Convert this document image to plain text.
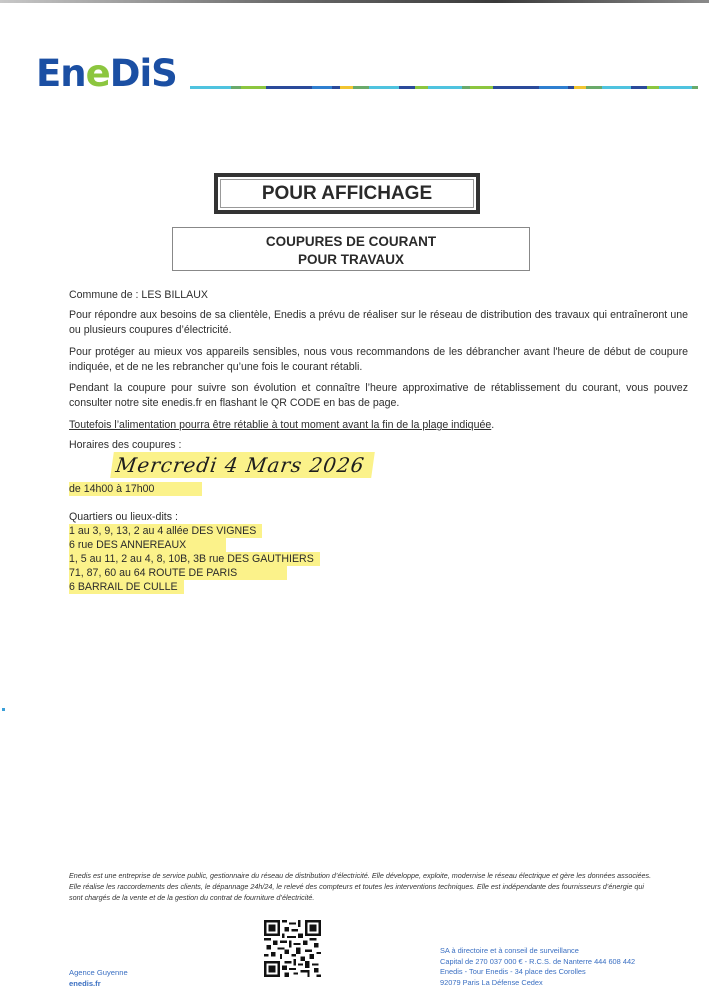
EneDiS
POUR AFFICHAGE
COUPURES DE COURANT
POUR TRAVAUX
Commune de : LES BILLAUX
Pour répondre aux besoins de sa clientèle, Enedis a prévu de réaliser sur le réseau de distribution des travaux qui entraîneront une ou plusieurs coupures d’électricité.
Pour protéger au mieux vos appareils sensibles, nous vous recommandons de les débrancher avant l'heure de début de coupure indiquée, et de ne les rebrancher qu’une fois le courant rétabli.
Pendant la coupure pour suivre son évolution et connaître l’heure approximative de rétablissement du courant, vous pouvez consulter notre site enedis.fr en flashant le QR CODE en bas de page.
Toutefois l’alimentation pourra être rétablie à tout moment avant la fin de la plage indiquée.
Horaires des coupures :
Mercredi 4 Mars 2026
de 14h00 à 17h00
Quartiers ou lieux-dits :
1 au 3, 9, 13, 2 au 4 allée DES VIGNES
6 rue DES ANNEREAUX
1, 5 au 11, 2 au 4, 8, 10B, 3B rue DES GAUTHIERS
71, 87, 60 au 64 ROUTE DE PARIS
6 BARRAIL DE CULLE
Enedis est une entreprise de service public, gestionnaire du réseau de distribution d’électricité. Elle développe, exploite, modernise le réseau électrique et gère les données associées. Elle réalise les raccordements des clients, le dépannage 24h/24, le relevé des compteurs et toutes les interventions techniques. Elle est indépendante des fournisseurs d’énergie qui sont chargés de la vente et de la gestion du contrat de fourniture d’électricité.
Agence Guyenne
enedis.fr
SA à directoire et à conseil de surveillance
Capital de 270 037 000 € - R.C.S. de Nanterre 444 608 442
Enedis - Tour Enedis - 34 place des Corolles
92079 Paris La Défense Cedex
